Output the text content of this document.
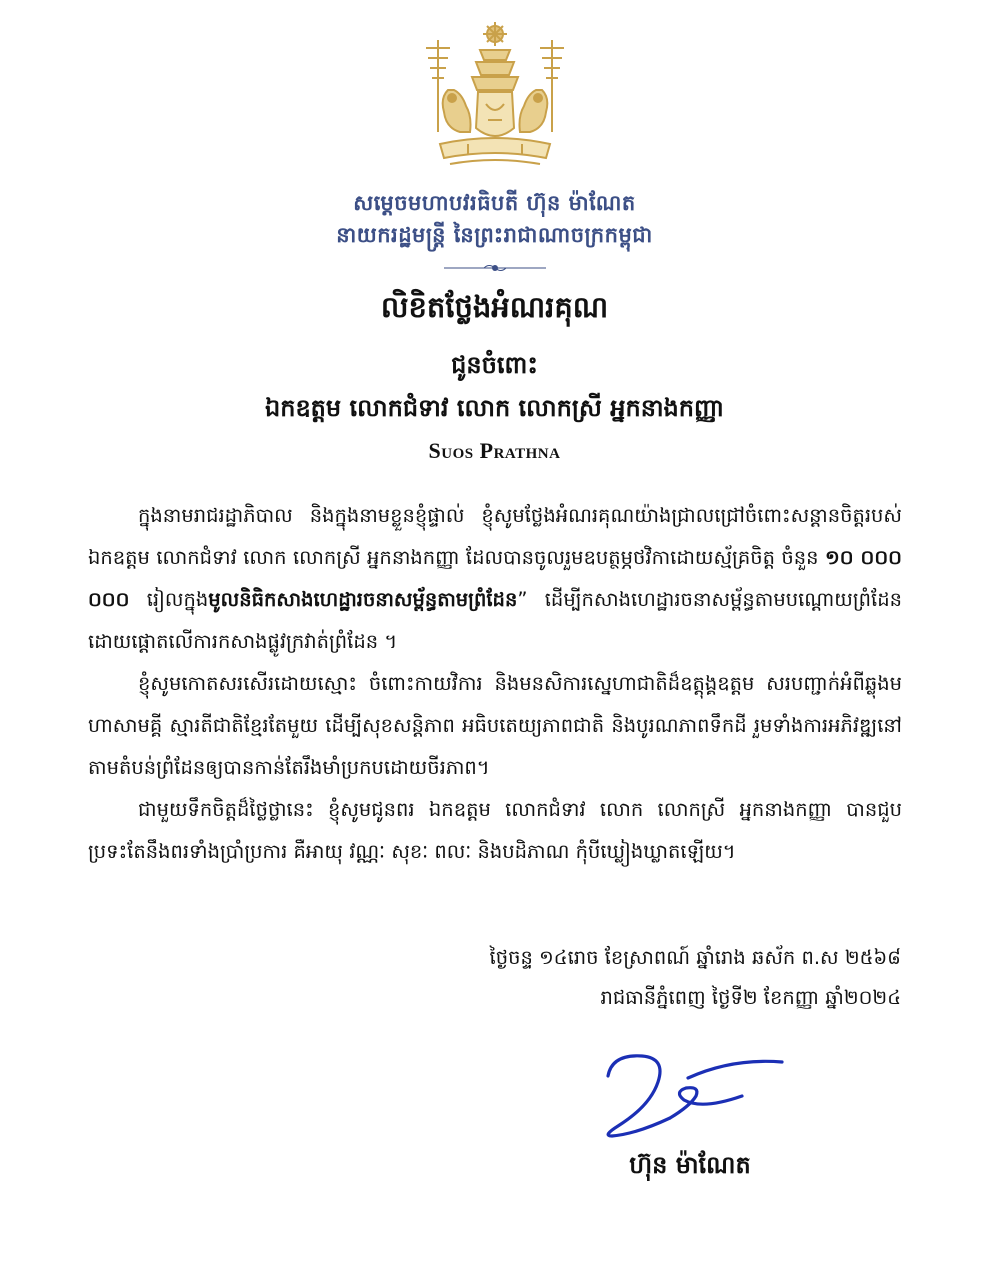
សម្តេចមហាបវរធិបតី ហ៊ុន ម៉ាណែត
នាយករដ្ឋមន្ត្រី នៃព្រះរាជាណាចក្រកម្ពុជា
លិខិតថ្លែងអំណរគុណ
ជូនចំពោះ
ឯកឧត្តម លោកជំទាវ លោក លោកស្រី អ្នកនាងកញ្ញា
Suos Prathna

ក្នុងនាមរាជរដ្ឋាភិបាល និងក្នុងនាមខ្លួនខ្ញុំផ្ទាល់ ខ្ញុំសូមថ្លែងអំណរគុណយ៉ាងជ្រាលជ្រៅចំពោះសន្តានចិត្តរបស់ឯកឧត្តម លោកជំទាវ លោក លោកស្រី អ្នកនាងកញ្ញា ដែលបានចូលរួមឧបត្ថម្ភថវិកាដោយស្ម័គ្រចិត្ត ចំនួន ១០ ០០០ ០០០ រៀលក្នុងមូលនិធិកសាងហេដ្ឋារចនាសម្ព័ន្ធតាមព្រំដែន” ដើម្បីកសាងហេដ្ឋារចនាសម្ព័ន្ធតាមបណ្តោយព្រំដែន ដោយផ្តោតលើការកសាងផ្លូវក្រវាត់ព្រំដែន ។

ខ្ញុំសូមកោតសរសើរដោយស្មោះ ចំពោះកាយវិការ និងមនសិការស្នេហាជាតិដ៏ឧត្តុង្គឧត្តម សរបញ្ជាក់អំពីឆ្លុងមហាសាមគ្គី ស្មារតីជាតិខ្មែរតែមួយ ដើម្បីសុខសន្តិភាព អធិបតេយ្យភាពជាតិ និងបូរណភាពទឹកដី រួមទាំងការអភិវឌ្ឍនៅតាមតំបន់ព្រំដែនឲ្យបានកាន់តែរឹងមាំប្រកបដោយចីរភាព។

ជាមួយទឹកចិត្តដ៏ថ្លៃថ្លានេះ ខ្ញុំសូមជូនពរ ឯកឧត្តម លោកជំទាវ លោក លោកស្រី អ្នកនាងកញ្ញា បានជួបប្រទះតែនឹងពរទាំងប្រាំប្រការ គឺអាយុ វណ្ណៈ សុខៈ ពលៈ និងបដិភាណ កុំបីឃ្លៀងឃ្លាតឡើយ។

ថ្ងៃចន្ទ ១៤រោច ខែស្រាពណ៍ ឆ្នាំរោង ឆស័ក ព.ស ២៥៦៨
រាជធានីភ្នំពេញ ថ្ងៃទី២ ខែកញ្ញា ឆ្នាំ២០២៤
ហ៊ុន ម៉ាណែត
